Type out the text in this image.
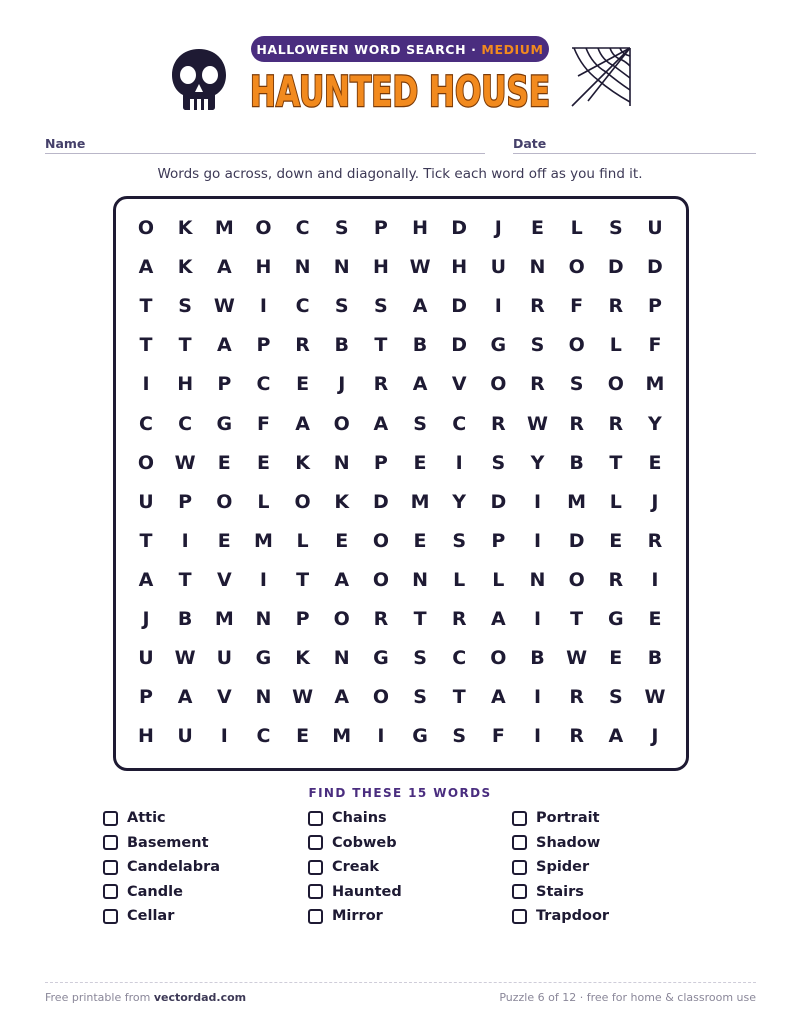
HALLOWEEN WORD SEARCH · MEDIUM
HAUNTED HOUSE
Name	Date
Words go across, down and diagonally. Tick each word off as you find it.
O	K	M	O	C	S	P	H	D	J	E	L	S	U
A	K	A	H	N	N	H	W	H	U	N	O	D	D
T	S	W	I	C	S	S	A	D	I	R	F	R	P
T	T	A	P	R	B	T	B	D	G	S	O	L	F
I	H	P	C	E	J	R	A	V	O	R	S	O	M
C	C	G	F	A	O	A	S	C	R	W	R	R	Y
O	W	E	E	K	N	P	E	I	S	Y	B	T	E
U	P	O	L	O	K	D	M	Y	D	I	M	L	J
T	I	E	M	L	E	O	E	S	P	I	D	E	R
A	T	V	I	T	A	O	N	L	L	N	O	R	I
J	B	M	N	P	O	R	T	R	A	I	T	G	E
U	W	U	G	K	N	G	S	C	O	B	W	E	B
P	A	V	N	W	A	O	S	T	A	I	R	S	W
H	U	I	C	E	M	I	G	S	F	I	R	A	J
FIND THESE 15 WORDS
Attic
Basement
Candelabra
Candle
Cellar
Chains
Cobweb
Creak
Haunted
Mirror
Portrait
Shadow
Spider
Stairs
Trapdoor
Free printable from vectordad.com	Puzzle 6 of 12 · free for home & classroom use
